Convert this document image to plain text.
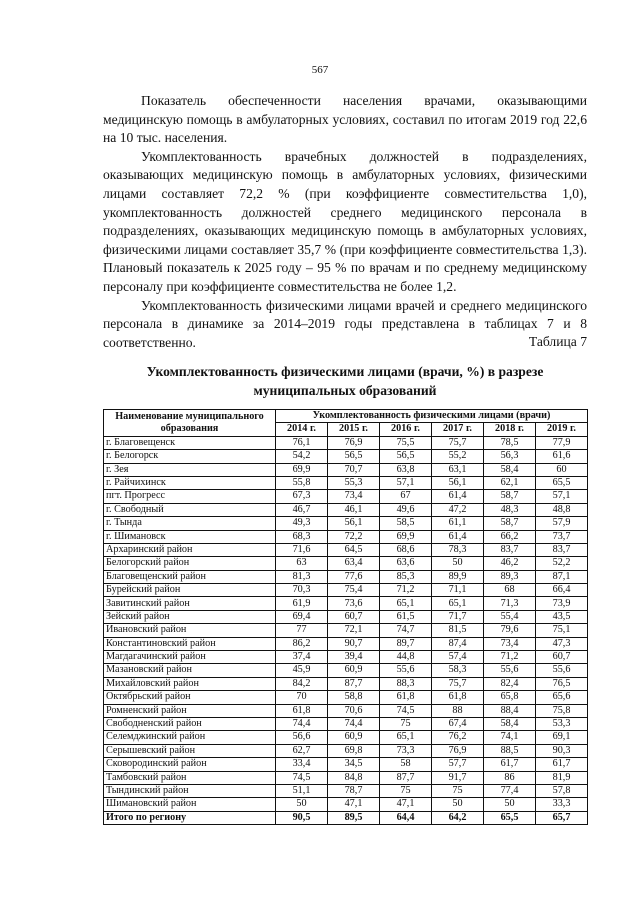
567

Показатель обеспеченности населения врачами, оказывающими медицинскую помощь в амбулаторных условиях, составил по итогам 2019 год 22,6 на 10 тыс. населения.

Укомплектованность врачебных должностей в подразделениях, оказывающих медицинскую помощь в амбулаторных условиях, физическими лицами составляет 72,2 % (при коэффициенте совместительства 1,0), укомплектованность должностей среднего медицинского персонала в подразделениях, оказывающих медицинскую помощь в амбулаторных условиях, физическими лицами составляет 35,7 % (при коэффициенте совместительства 1,3). Плановый показатель к 2025 году – 95 % по врачам и по среднему медицинскому персоналу при коэффициенте совместительства не более 1,2.

Укомплектованность физическими лицами врачей и среднего медицинского персонала в динамике за 2014–2019 годы представлена в таблицах 7 и 8 соответственно.	Таблица 7
Укомплектованность физическими лицами (врачи, %) в разрезе муниципальных образований
Наименование муниципального образования	Укомплектованность физическими лицами (врачи)					
	2014 г.	2015 г.	2016 г.	2017 г.	2018 г.	2019 г.
г. Благовещенск	76,1	76,9	75,5	75,7	78,5	77,9
г. Белогорск	54,2	56,5	56,5	55,2	56,3	61,6
г. Зея	69,9	70,7	63,8	63,1	58,4	60
г. Райчихинск	55,8	55,3	57,1	56,1	62,1	65,5
пгт. Прогресс	67,3	73,4	67	61,4	58,7	57,1
г. Свободный	46,7	46,1	49,6	47,2	48,3	48,8
г. Тында	49,3	56,1	58,5	61,1	58,7	57,9
г. Шимановск	68,3	72,2	69,9	61,4	66,2	73,7
Архаринский район	71,6	64,5	68,6	78,3	83,7	83,7
Белогорский район	63	63,4	63,6	50	46,2	52,2
Благовещенский район	81,3	77,6	85,3	89,9	89,3	87,1
Бурейский район	70,3	75,4	71,2	71,1	68	66,4
Завитинский район	61,9	73,6	65,1	65,1	71,3	73,9
Зейский район	69,4	60,7	61,5	71,7	55,4	43,5
Ивановский район	77	72,1	74,7	81,5	79,6	75,1
Константиновский район	86,2	90,7	89,7	87,4	73,4	47,3
Магдагачинский район	37,4	39,4	44,8	57,4	71,2	60,7
Мазановский район	45,9	60,9	55,6	58,3	55,6	55,6
Михайловский район	84,2	87,7	88,3	75,7	82,4	76,5
Октябрьский район	70	58,8	61,8	61,8	65,8	65,6
Ромненский район	61,8	70,6	74,5	88	88,4	75,8
Свободненский район	74,4	74,4	75	67,4	58,4	53,3
Селемджинский район	56,6	60,9	65,1	76,2	74,1	69,1
Серышевский район	62,7	69,8	73,3	76,9	88,5	90,3
Сковородинский район	33,4	34,5	58	57,7	61,7	61,7
Тамбовский район	74,5	84,8	87,7	91,7	86	81,9
Тындинский район	51,1	78,7	75	75	77,4	57,8
Шимановский район	50	47,1	47,1	50	50	33,3
Итого по региону	90,5	89,5	64,4	64,2	65,5	65,7
